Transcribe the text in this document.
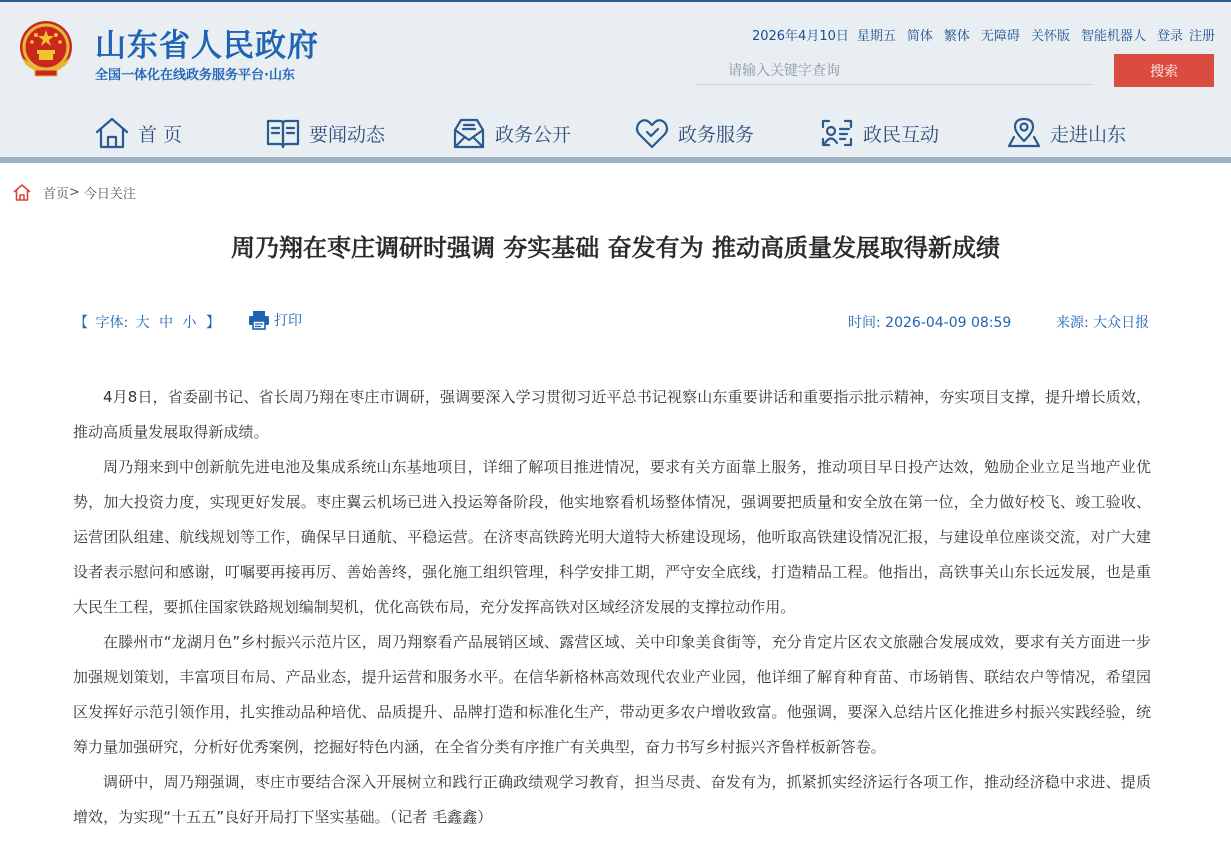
山东省人民政府
全国一体化在线政务服务平台·山东
2026年4月10日 星期五 简体 繁体 无障碍 关怀版 智能机器人 登录 注册
请输入关键字查询
搜索
首 页	要闻动态	政务公开	政务服务	政民互动	走进山东
首页 > 今日关注
周乃翔在枣庄调研时强调 夯实基础 奋发有为 推动高质量发展取得新成绩
【 字体: 大 中 小 】	打印	时间: 2026-04-09 08:59	来源: 大众日报

4月8日，省委副书记、省长周乃翔在枣庄市调研，强调要深入学习贯彻习近平总书记视察山东重要讲话和重要指示批示精神，夯实项目支撑，提升增长质效，推动高质量发展取得新成绩。

周乃翔来到中创新航先进电池及集成系统山东基地项目，详细了解项目推进情况，要求有关方面靠上服务，推动项目早日投产达效，勉励企业立足当地产业优势，加大投资力度，实现更好发展。枣庄翼云机场已进入投运筹备阶段，他实地察看机场整体情况，强调要把质量和安全放在第一位，全力做好校飞、竣工验收、运营团队组建、航线规划等工作，确保早日通航、平稳运营。在济枣高铁跨光明大道特大桥建设现场，他听取高铁建设情况汇报，与建设单位座谈交流，对广大建设者表示慰问和感谢，叮嘱要再接再厉、善始善终，强化施工组织管理，科学安排工期，严守安全底线，打造精品工程。他指出，高铁事关山东长远发展，也是重大民生工程，要抓住国家铁路规划编制契机，优化高铁布局，充分发挥高铁对区域经济发展的支撑拉动作用。

在滕州市“龙湖月色”乡村振兴示范片区，周乃翔察看产品展销区域、露营区域、关中印象美食街等，充分肯定片区农文旅融合发展成效，要求有关方面进一步加强规划策划，丰富项目布局、产品业态，提升运营和服务水平。在信华新格林高效现代农业产业园，他详细了解育种育苗、市场销售、联结农户等情况，希望园区发挥好示范引领作用，扎实推动品种培优、品质提升、品牌打造和标准化生产，带动更多农户增收致富。他强调，要深入总结片区化推进乡村振兴实践经验，统筹力量加强研究，分析好优秀案例，挖掘好特色内涵，在全省分类有序推广有关典型，奋力书写乡村振兴齐鲁样板新答卷。

调研中，周乃翔强调，枣庄市要结合深入开展树立和践行正确政绩观学习教育，担当尽责、奋发有为，抓紧抓实经济运行各项工作，推动经济稳中求进、提质增效，为实现“十五五”良好开局打下坚实基础。（记者 毛鑫鑫）
